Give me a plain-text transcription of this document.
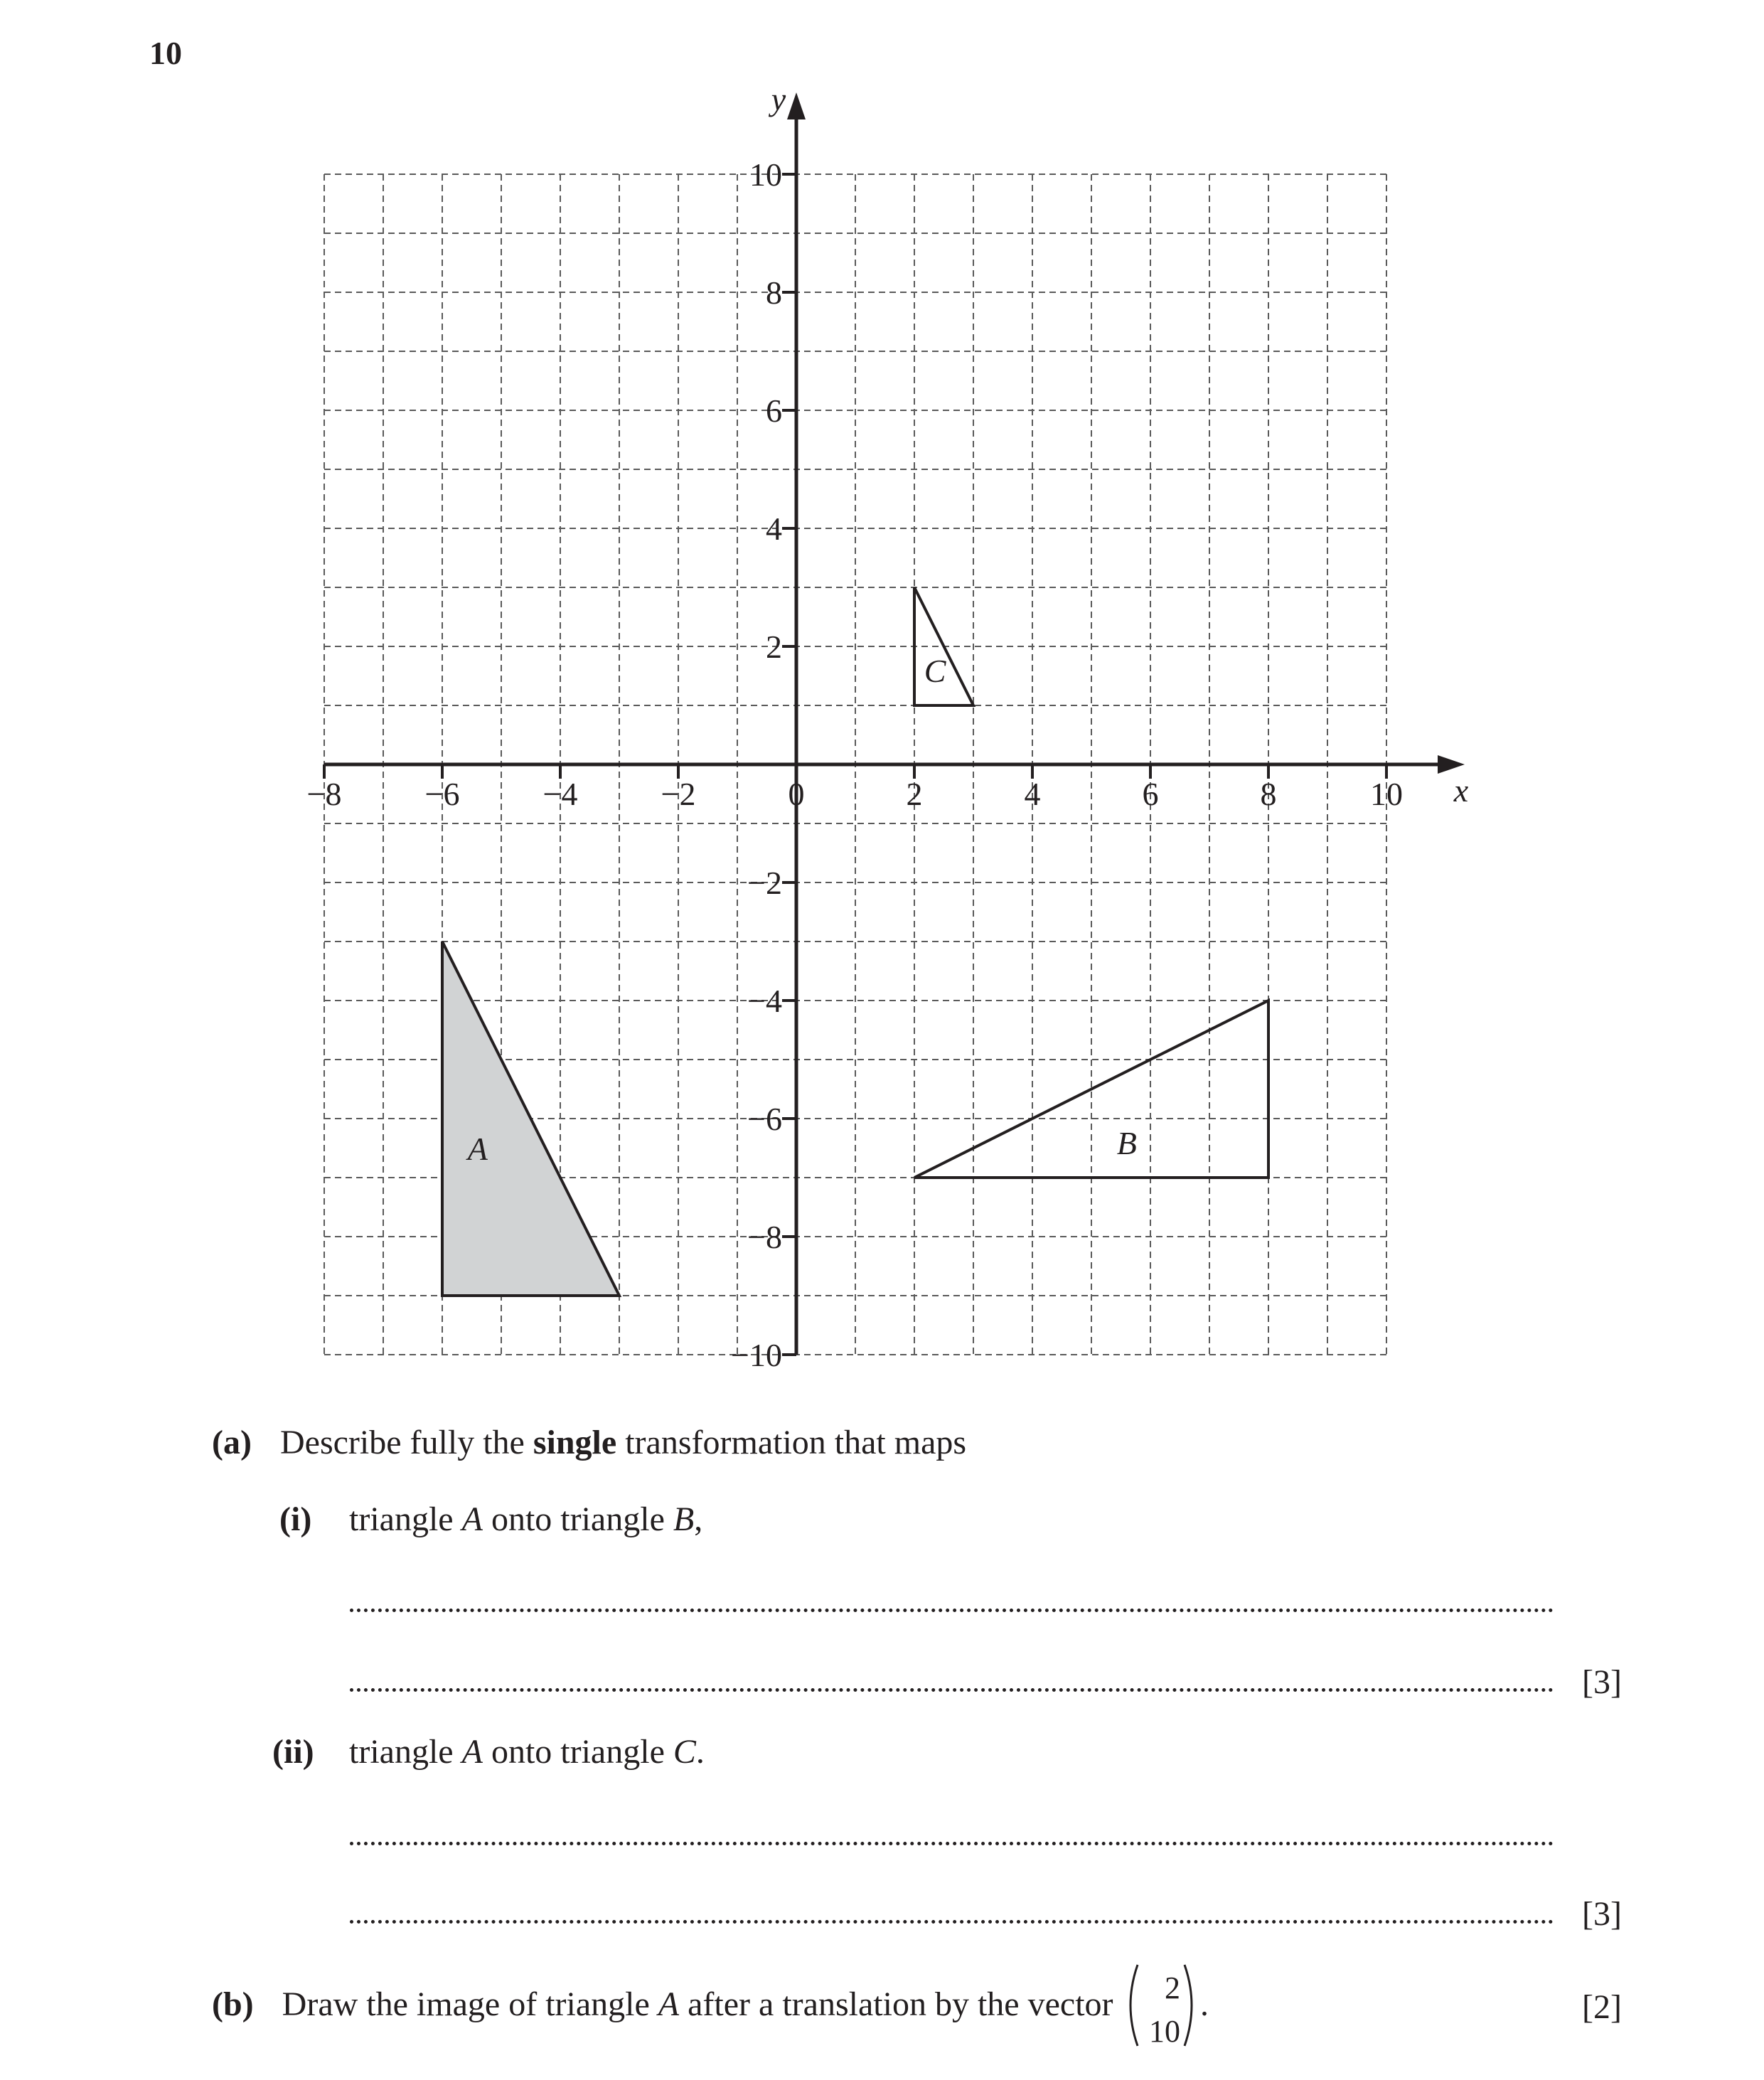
10
A	B
C
x
y
−8	−6	−4	−2	0	2	4	6	8	10
10
8
6
4
2
−2
−4
−6
−8
−10
(a) Describe fully the single transformation that maps
(i) triangle A onto triangle B,
[3]
(ii) triangle A onto triangle C.
[3]
(b) Draw the image of triangle A after a translation by the vector 2
10
.	[2]
